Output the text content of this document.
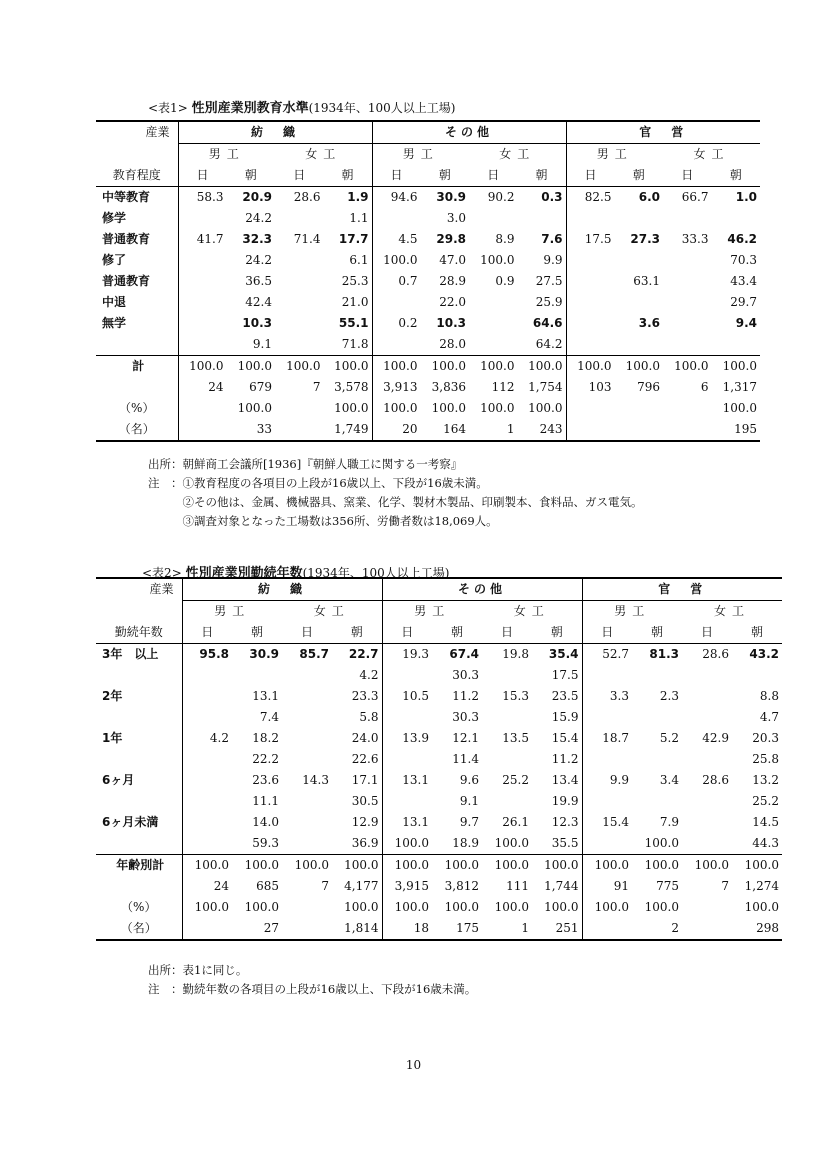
<表1> 性別産業別教育水準(1934年、100人以上工場)
産業	紡　織				その他				官　営			
	男工		女工		男工		女工		男工		女工	
教育程度	日	朝	日	朝	日	朝	日	朝	日	朝	日	朝
中等教育	58.3	20.9	28.6	1.9	94.6	30.9	90.2	0.3	82.5	6.0	66.7	1.0
修学		24.2		1.1		3.0						
普通教育	41.7	32.3	71.4	17.7	4.5	29.8	8.9	7.6	17.5	27.3	33.3	46.2
修了		24.2		6.1	100.0	47.0	100.0	9.9				70.3
普通教育		36.5		25.3	0.7	28.9	0.9	27.5		63.1		43.4
中退		42.4		21.0		22.0		25.9				29.7
無学		10.3		55.1	0.2	10.3		64.6		3.6		9.4
		9.1		71.8		28.0		64.2				
計	100.0	100.0	100.0	100.0	100.0	100.0	100.0	100.0	100.0	100.0	100.0	100.0
	24	679	7	3,578	3,913	3,836	112	1,754	103	796	6	1,317
（%）		100.0		100.0	100.0	100.0	100.0	100.0				100.0
（名）		33		1,749	20	164	1	243				195
出所：朝鮮商工会議所[1936]『朝鮮人職工に関する一考察』
注　：①教育程度の各項目の上段が16歳以上、下段が16歳未満。
　　　②その他は、金属、機械器具、窯業、化学、製材木製品、印刷製本、食料品、ガス電気。
　　　③調査対象となった工場数は356所、労働者数は18,069人。
<表2> 性別産業別勤続年数(1934年、100人以上工場)
産業	紡　織				その他				官　営			
	男工		女工		男工		女工		男工		女工	
勤続年数	日	朝	日	朝	日	朝	日	朝	日	朝	日	朝
3年　以上	95.8	30.9	85.7	22.7	19.3	67.4	19.8	35.4	52.7	81.3	28.6	43.2
				4.2		30.3		17.5				
2年		13.1		23.3	10.5	11.2	15.3	23.5	3.3	2.3		8.8
		7.4		5.8		30.3		15.9				4.7
1年	4.2	18.2		24.0	13.9	12.1	13.5	15.4	18.7	5.2	42.9	20.3
		22.2		22.6		11.4		11.2				25.8
6ヶ月		23.6	14.3	17.1	13.1	9.6	25.2	13.4	9.9	3.4	28.6	13.2
		11.1		30.5		9.1		19.9				25.2
6ヶ月未満		14.0		12.9	13.1	9.7	26.1	12.3	15.4	7.9		14.5
		59.3		36.9	100.0	18.9	100.0	35.5		100.0		44.3
年齢別計	100.0	100.0	100.0	100.0	100.0	100.0	100.0	100.0	100.0	100.0	100.0	100.0
	24	685	7	4,177	3,915	3,812	111	1,744	91	775	7	1,274
（%）	100.0	100.0		100.0	100.0	100.0	100.0	100.0	100.0	100.0		100.0
（名）		27		1,814	18	175	1	251		2		298
出所：表1に同じ。
注　：勤続年数の各項目の上段が16歳以上、下段が16歳未満。
10
